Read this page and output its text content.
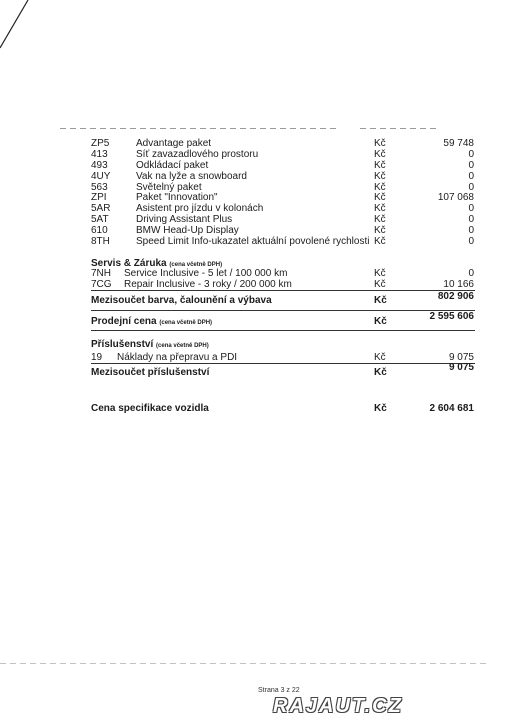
ZP5	Advantage paket	Kč	59 748
413	Síť zavazadlového prostoru	Kč	0
493	Odkládací paket	Kč	0
4UY	Vak na lyže a snowboard	Kč	0
563	Světelný paket	Kč	0
ZPI	Paket "Innovation"	Kč	107 068
5AR	Asistent pro jízdu v kolonách	Kč	0
5AT	Driving Assistant Plus	Kč	0
610	BMW Head-Up Display	Kč	0
8TH	Speed Limit Info-ukazatel aktuální povolené rychlosti Kč	0
Servis & Záruka (cena včetně DPH)
7NH Service Inclusive - 5 let / 100 000 km	Kč	0
7CG Repair Inclusive - 3 roky / 200 000 km	Kč	10 166
Mezisoučet barva, čalounění a výbava	Kč	802 906
Prodejní cena (cena včetně DPH)	Kč	2 595 606
Příslušenství (cena včetně DPH)
19 Náklady na přepravu a PDI	Kč	9 075
Mezisoučet příslušenství	Kč	9 075
Cena specifikace vozidla	Kč	2 604 681
Strana 3 z 22
RAJAUT.CZ
